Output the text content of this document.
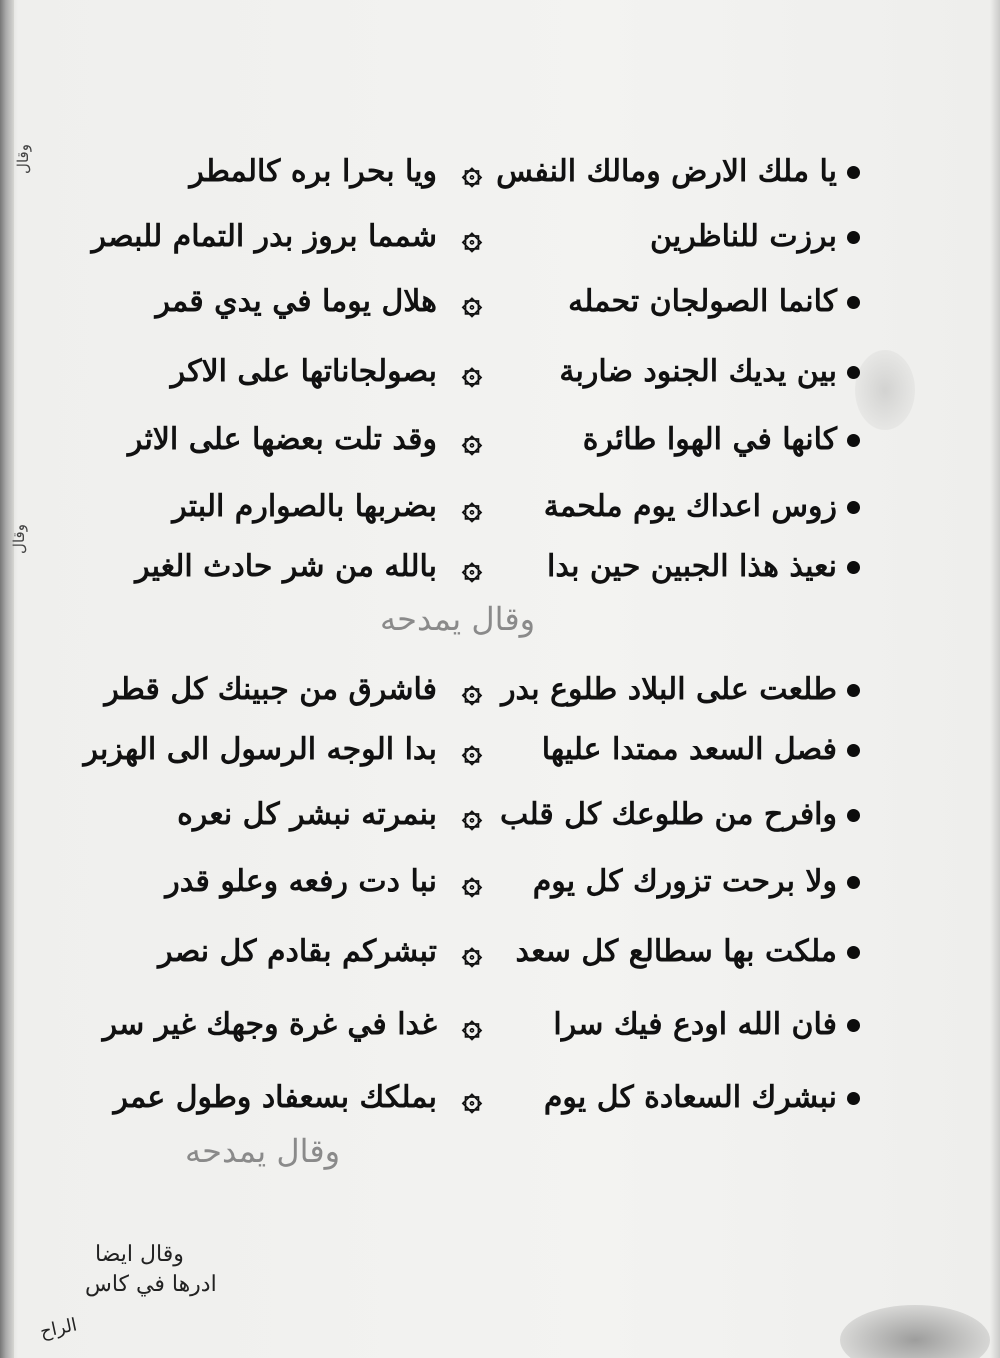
وقال
وقال
يا ملك الارض ومالك النفس
۞
ويا بحرا بره كالمطر
برزت للناظرين
۞
شمما بروز بدر التمام للبصر
كانما الصولجان تحمله
۞
هلال يوما في يدي قمر
بين يديك الجنود ضاربة
۞
بصولجاناتها على الاكر
كانها في الهوا طائرة
۞
وقد تلت بعضها على الاثر
زوس اعداك يوم ملحمة
۞
بضربها بالصوارم البتر
نعيذ هذا الجبين حين بدا
۞
بالله من شر حادث الغير
وقال يمدحه
طلعت على البلاد طلوع بدر
۞
فاشرق من جبينك كل قطر
فصل السعد ممتدا عليها
۞
بدا الوجه الرسول الى الهزبر
وافرح من طلوعك كل قلب
۞
بنمرته نبشر كل نعره
ولا برحت تزورك كل يوم
۞
نبا دت رفعه وعلو قدر
ملكت بها سطالع كل سعد
۞
تبشركم بقادم كل نصر
فان الله اودع فيك سرا
۞
غدا في غرة وجهك غير سر
نبشرك السعادة كل يوم
۞
بملكك بسعفاد وطول عمر
وقال يمدحه
وقال ايضا
ادرها في كاس
الراح
